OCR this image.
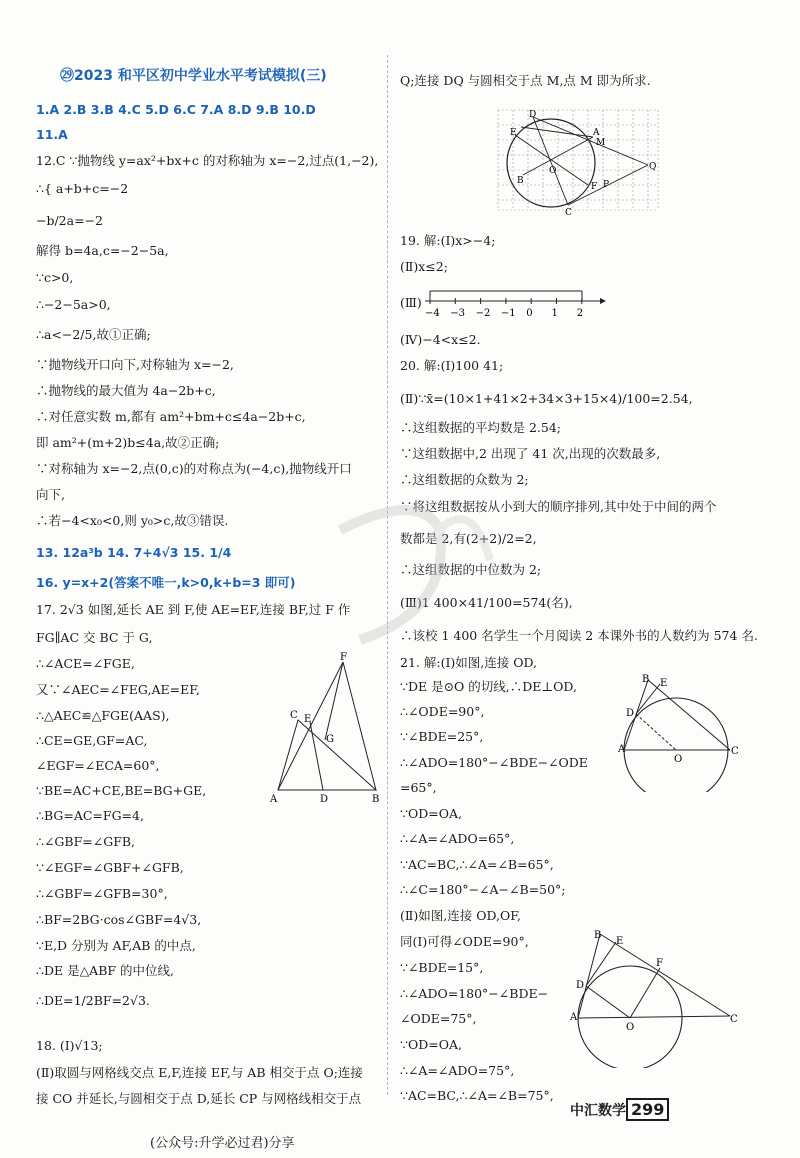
㉙2023 和平区初中学业水平考试模拟(三)
1.A 2.B 3.B 4.C 5.D 6.C 7.A 8.D 9.B 10.D
11.A
12.C ∵抛物线 y=ax²+bx+c 的对称轴为 x=−2,过点(1,−2),
∴{ a+b+c=−2
−b/2a=−2
解得 b=4a,c=−2−5a,
∵c>0,
∴−2−5a>0,
∴a<−2/5,故①正确;
∵抛物线开口向下,对称轴为 x=−2,
∴抛物线的最大值为 4a−2b+c,
∴对任意实数 m,都有 am²+bm+c≤4a−2b+c,
即 am²+(m+2)b≤4a,故②正确;
∵对称轴为 x=−2,点(0,c)的对称点为(−4,c),抛物线开口
向下,
∴若−4<x₀<0,则 y₀>c,故③错误.
13. 12a³b 14. 7+4√3 15. 1/4
16. y=x+2(答案不唯一,k>0,k+b=3 即可)
17. 2√3 如图,延长 AE 到 F,使 AE=EF,连接 BF,过 F 作
FG∥AC 交 BC 于 G,
∴∠ACE=∠FGE,
又∵∠AEC=∠FEG,AE=EF,
∴△AEC≌△FGE(AAS),
∴CE=GE,GF=AC,
∠EGF=∠ECA=60°,
∵BE=AC+CE,BE=BG+GE,
∴BG=AC=FG=4,
∴∠GBF=∠GFB,
∵∠EGF=∠GBF+∠GFB,
∴∠GBF=∠GFB=30°,
∴BF=2BG·cos∠GBF=4√3,
∵E,D 分别为 AF,AB 的中点,
∴DE 是△ABF 的中位线,
∴DE=1/2BF=2√3.
18. (Ⅰ)√13;
(Ⅱ)取圆与网格线交点 E,F,连接 EF,与 AB 相交于点 O;连接
接 CO 并延长,与圆相交于点 D,延长 CP 与网格线相交于点
Q;连接 DQ 与圆相交于点 M,点 M 即为所求.
19. 解:(Ⅰ)x>−4;
(Ⅱ)x≤2;
(Ⅲ)
(Ⅳ)−4<x≤2.
20. 解:(Ⅰ)100 41;
(Ⅱ)∵x̄=(10×1+41×2+34×3+15×4)/100=2.54,
∴这组数据的平均数是 2.54;
∵这组数据中,2 出现了 41 次,出现的次数最多,
∴这组数据的众数为 2;
∵将这组数据按从小到大的顺序排列,其中处于中间的两个
数都是 2,有(2+2)/2=2,
∴这组数据的中位数为 2;
(Ⅲ)1 400×41/100=574(名),
∴该校 1 400 名学生一个月阅读 2 本课外书的人数约为 574 名.
21. 解:(Ⅰ)如图,连接 OD,
∵DE 是⊙O 的切线,∴DE⊥OD,
∴∠ODE=90°,
∵∠BDE=25°,
∴∠ADO=180°−∠BDE−∠ODE
=65°,
∵OD=OA,
∴∠A=∠ADO=65°,
∵AC=BC,∴∠A=∠B=65°,
∴∠C=180°−∠A−∠B=50°;
(Ⅱ)如图,连接 OD,OF,
同(Ⅰ)可得∠ODE=90°,
∵∠BDE=15°,
∴∠ADO=180°−∠BDE−
∠ODE=75°,
∵OD=OA,
∴∠A=∠ADO=75°,
∵AC=BC,∴∠A=∠B=75°,
D
E	A
M
Q
B
O
F P
C
−4 −3 −2 −1 0 1 2
F
C E
G
A	D	B
B E
D
A
O
C
B
E
F
D
A
O
C
中汇数学 299
(公众号:升学必过君)分享
